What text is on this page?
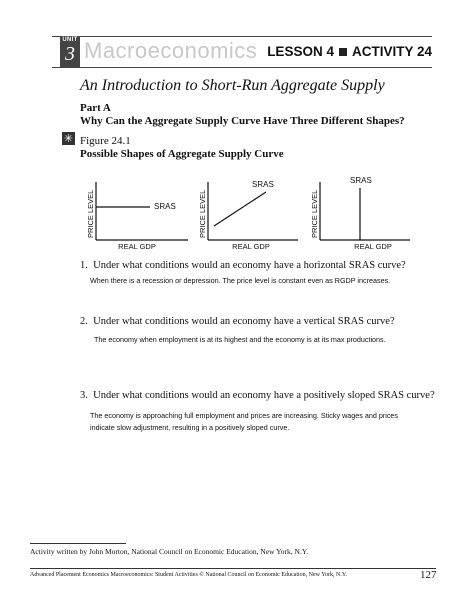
UNIT
3 Macroeconomics LESSON 4 ACTIVITY 24
An Introduction to Short-Run Aggregate Supply
Part A
Why Can the Aggregate Supply Curve Have Three Different Shapes?
✳ Figure 24.1
Possible Shapes of Aggregate Supply Curve
PRICE LEVEL
REAL GDP
SRAS	PRICE LEVEL
REAL GDP
SRAS
PRICE LEVEL
REAL GDP
SRAS
1. Under what conditions would an economy have a horizontal SRAS curve?
When there is a recession or depression. The price level is constant even as RGDP increases.
2. Under what conditions would an economy have a vertical SRAS curve?
The economy when employment is at its highest and the economy is at its max productions.
3. Under what conditions would an economy have a positively sloped SRAS curve?
The economy is approaching full employment and prices are increasing. Sticky wages and prices indicate slow adjustment, resulting in a positively sloped curve.
Activity written by John Morton, National Council on Economic Education, New York, N.Y.
Advanced Placement Economics Macroeconomics: Student Activities © National Council on Economic Education, New York, N.Y.	127
